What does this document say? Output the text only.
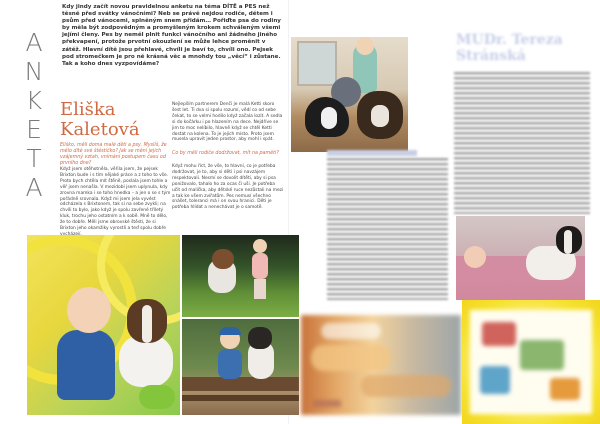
A
N
K
E
T
A

Kdy jindy začít novou pravidelnou anketu na téma DÍTĚ a PES než těsně před svátky vánočními? Neb se právě nejdou rodiče, dětem i psům před vánocemi, splněným snem přidám… Pořiďte psa do rodiny by měla být zodpovědným a promyšleným krokem schváleným všemi jejími členy. Pes by neměl plnit funkci vánočního ani žádného jiného překvapení, protože prvotní okouzlení se může lehce proměnit v zátěž. Hlavní dítě jsou přehlavé, chvíli je baví to, chvíli ono. Pejsek pod stromečkem je pro ně krásná věc a mnohdy tou „věcí“ i zůstane. Tak a koho dnes vyzpovídáme?

Eliška Kaletová

Eliško, měli doma malé děti a psy. Myslíš, že mělo dítě své štěstíčko? Jak se mění jejich vzájemný vztah, vnímání postupem času od prvního dne?

Když jsem otěhotněla, věřila jsem, že pejsek Brixton bude i s tím nějaké práce a z toho to vše. Proto bych chtěla mít štěně, poslala jsem tohle a věř jsem nenašla. V mezidobí jsem uplynula, kdy zrovna mamka i se toho hnedka – a jen o se s tým pořádně srovnala. Když mi jsem jela vyvést odcházela s Brixtonem, tak si na sebe zvykli; na chvíli to bylo, jako když je spolu zavřené tříletý kluk, trochu jeho ostatním a k sobě. Mně to dělo, že to dobře. Měli jsme obrovské štěstí, že si Brixton jeho okamžiky vyrostli a teď spolu dobře

Nejlepším partnerem Denči je malá Ketti skoro šest let. Ti dva si spolu rozumí, vědí co od sebe čekat, to se velmi hodilo když začala lozit. A sedla si do kočárku i po hlazením na dece. Nejdříve se jim to moc nelíbilo, hlavně když se chtěl Ketti dostat na kolena. To je jejich místo. Proto jsem musela upravit jeden prostor, aby mohl i spát.

Co by měli rodiče dodržovat, mít na paměti?

Když mohu říct, že vše, to hlavní, co je potřeba dodržovat, je to, aby si děti i psi navzájem respektovali. Nesmí se dovolit dítěti, aby si psa ponižovalo, tahalo ho za ocas či uši. Je potřeba učit od malička, aby dětské ruce nezůstali na mezi a tak ke všem zvířatům. Pes nemusí všechno snášet, toleranci má i on svou hranici. Děti je potřeba hlídat a nenechávat je o samotě.

MUDr. Tereza Stránská
